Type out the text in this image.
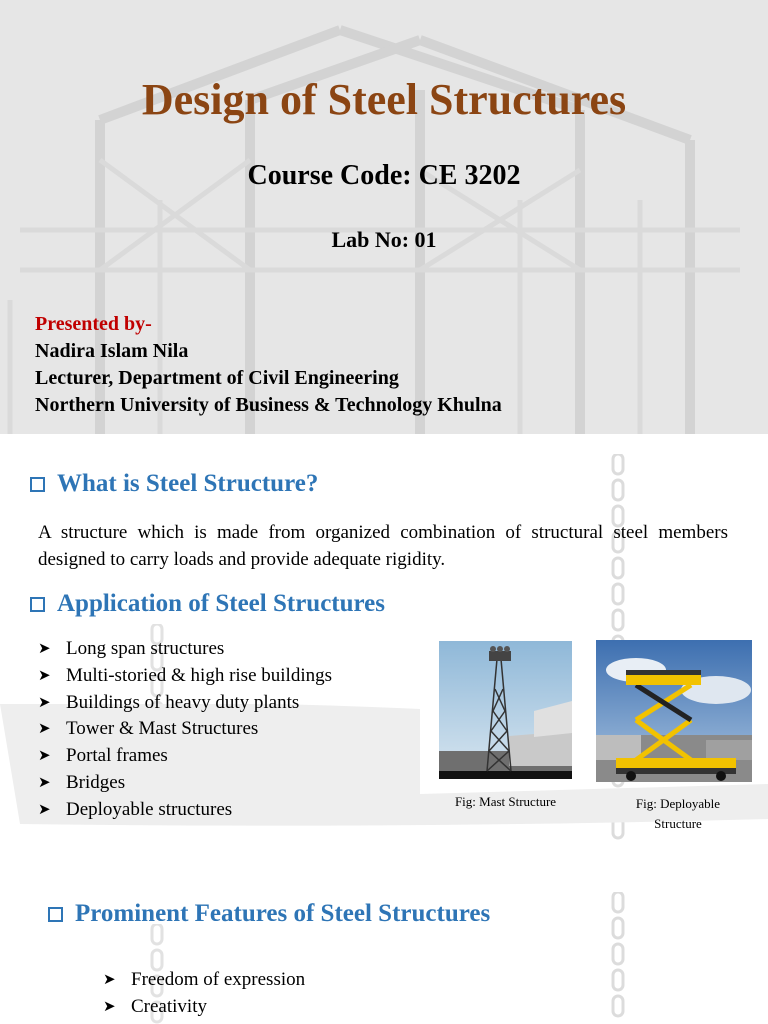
Design of Steel Structures
Course Code: CE 3202
Lab No: 01
Presented by-
Nadira Islam Nila
Lecturer, Department of Civil Engineering
Northern University of Business & Technology Khulna
What is Steel Structure?

A structure which is made from organized combination of structural steel members designed to carry loads and provide adequate rigidity.

Application of Steel Structures
➤ Long span structures
➤ Multi-storied & high rise buildings
➤ Buildings of heavy duty plants
➤ Tower & Mast Structures
➤ Portal frames
➤ Bridges
➤ Deployable structures	Fig: Mast Structure	Fig: Deployable
Structure
Prominent Features of Steel Structures
➤ Freedom of expression
➤ Creativity
